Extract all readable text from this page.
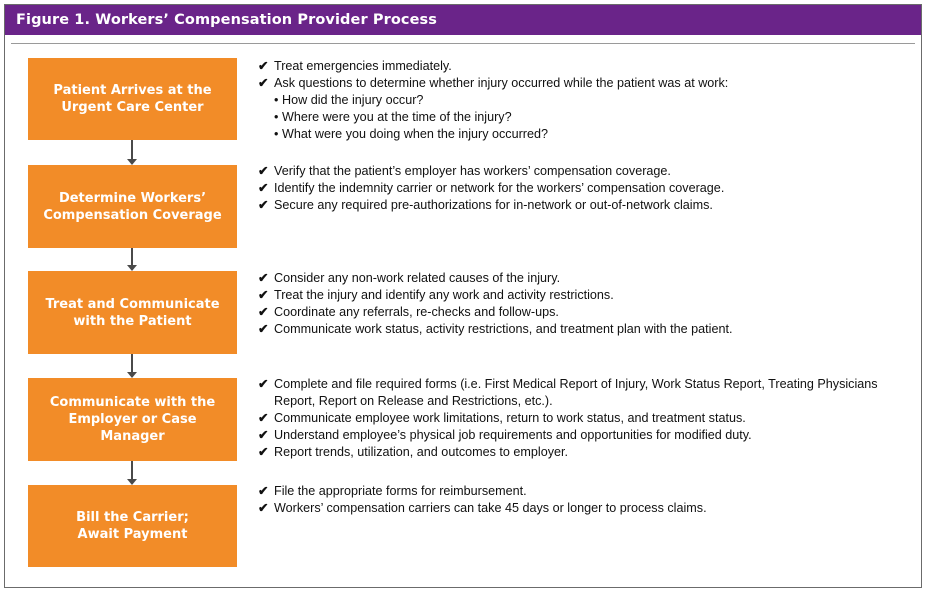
Figure 1. Workers’ Compensation Provider Process
Patient Arrives at the
Urgent Care Center
✔ Treat emergencies immediately.
✔ Ask questions to determine whether injury occurred while the patient was at work:
• How did the injury occur?
• Where were you at the time of the injury?
• What were you doing when the injury occurred?
Determine Workers’
Compensation Coverage
✔ Verify that the patient’s employer has workers’ compensation coverage.
✔ Identify the indemnity carrier or network for the workers’ compensation coverage.
✔ Secure any required pre-authorizations for in-network or out-of-network claims.
Treat and Communicate
with the Patient
✔ Consider any non-work related causes of the injury.
✔ Treat the injury and identify any work and activity restrictions.
✔ Coordinate any referrals, re-checks and follow-ups.
✔ Communicate work status, activity restrictions, and treatment plan with the patient.
Communicate with the
Employer or Case Manager
✔ Complete and file required forms (i.e. First Medical Report of Injury, Work Status Report, Treating Physicians Report, Report on Release and Restrictions, etc.).
✔ Communicate employee work limitations, return to work status, and treatment status.
✔ Understand employee’s physical job requirements and opportunities for modified duty.
✔ Report trends, utilization, and outcomes to employer.
Bill the Carrier;
Await Payment
✔ File the appropriate forms for reimbursement.
✔ Workers’ compensation carriers can take 45 days or longer to process claims.
